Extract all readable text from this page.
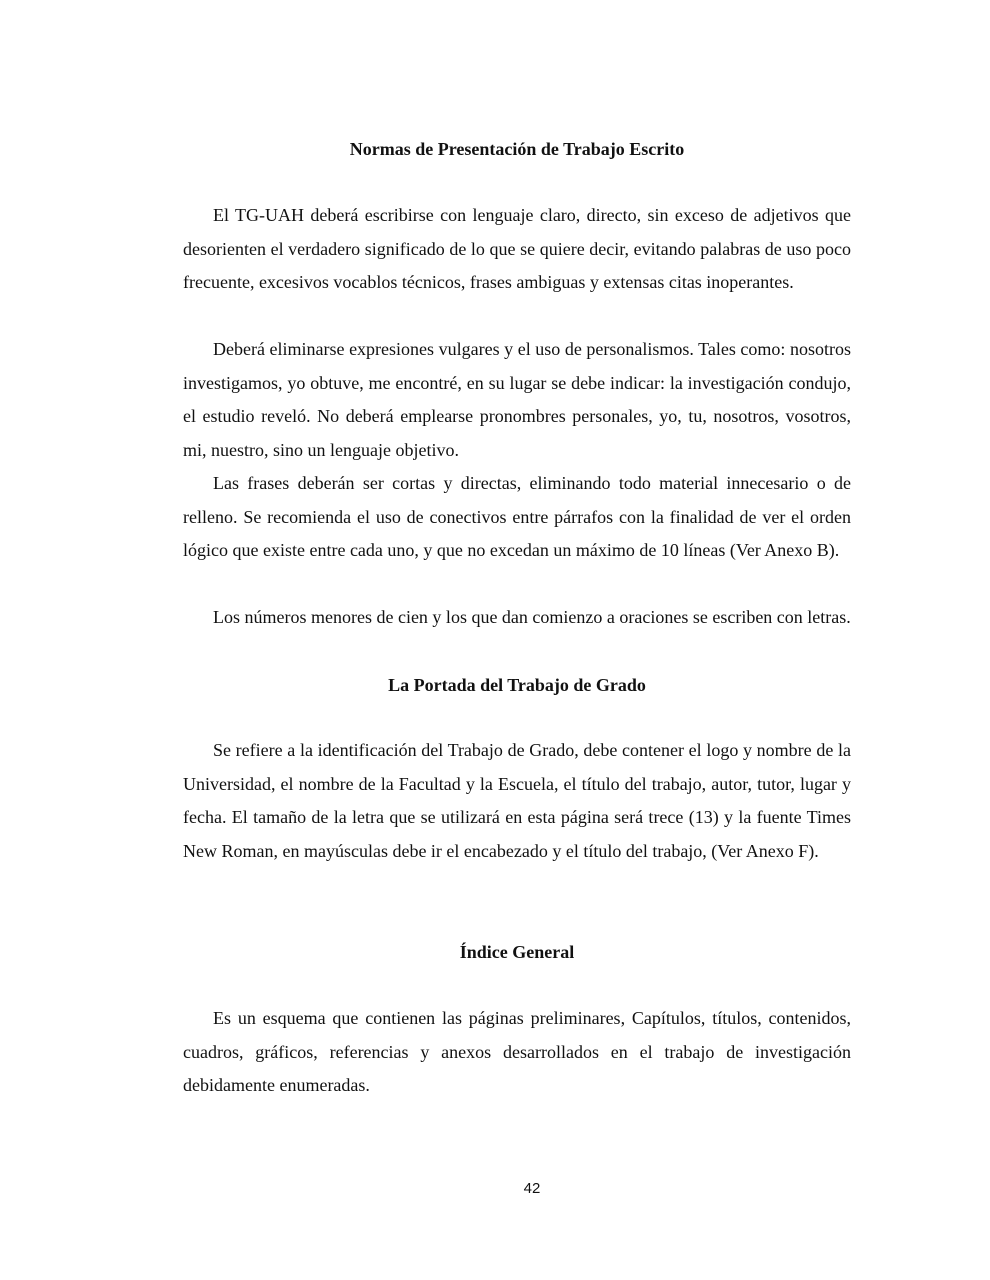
Normas de Presentación de Trabajo Escrito

El TG-UAH deberá escribirse con lenguaje claro, directo, sin exceso de adjetivos que desorienten el verdadero significado de lo que se quiere decir, evitando palabras de uso poco frecuente, excesivos vocablos técnicos, frases ambiguas y extensas citas inoperantes.

Deberá eliminarse expresiones vulgares y el uso de personalismos. Tales como: nosotros investigamos, yo obtuve, me encontré, en su lugar se debe indicar: la investigación condujo, el estudio reveló. No deberá emplearse pronombres personales, yo, tu, nosotros, vosotros, mi, nuestro, sino un lenguaje objetivo.

Las frases deberán ser cortas y directas, eliminando todo material innecesario o de relleno. Se recomienda el uso de conectivos entre párrafos con la finalidad de ver el orden lógico que existe entre cada uno, y que no excedan un máximo de 10 líneas (Ver Anexo B).

Los números menores de cien y los que dan comienzo a oraciones se escriben con letras.

La Portada del Trabajo de Grado

Se refiere a la identificación del Trabajo de Grado, debe contener el logo y nombre de la Universidad, el nombre de la Facultad y la Escuela, el título del trabajo, autor, tutor, lugar y fecha. El tamaño de la letra que se utilizará en esta página será trece (13) y la fuente Times New Roman, en mayúsculas debe ir el encabezado y el título del trabajo, (Ver Anexo F).

Índice General

Es un esquema que contienen las páginas preliminares, Capítulos, títulos, contenidos, cuadros, gráficos, referencias y anexos desarrollados en el trabajo de investigación debidamente enumeradas.

42
